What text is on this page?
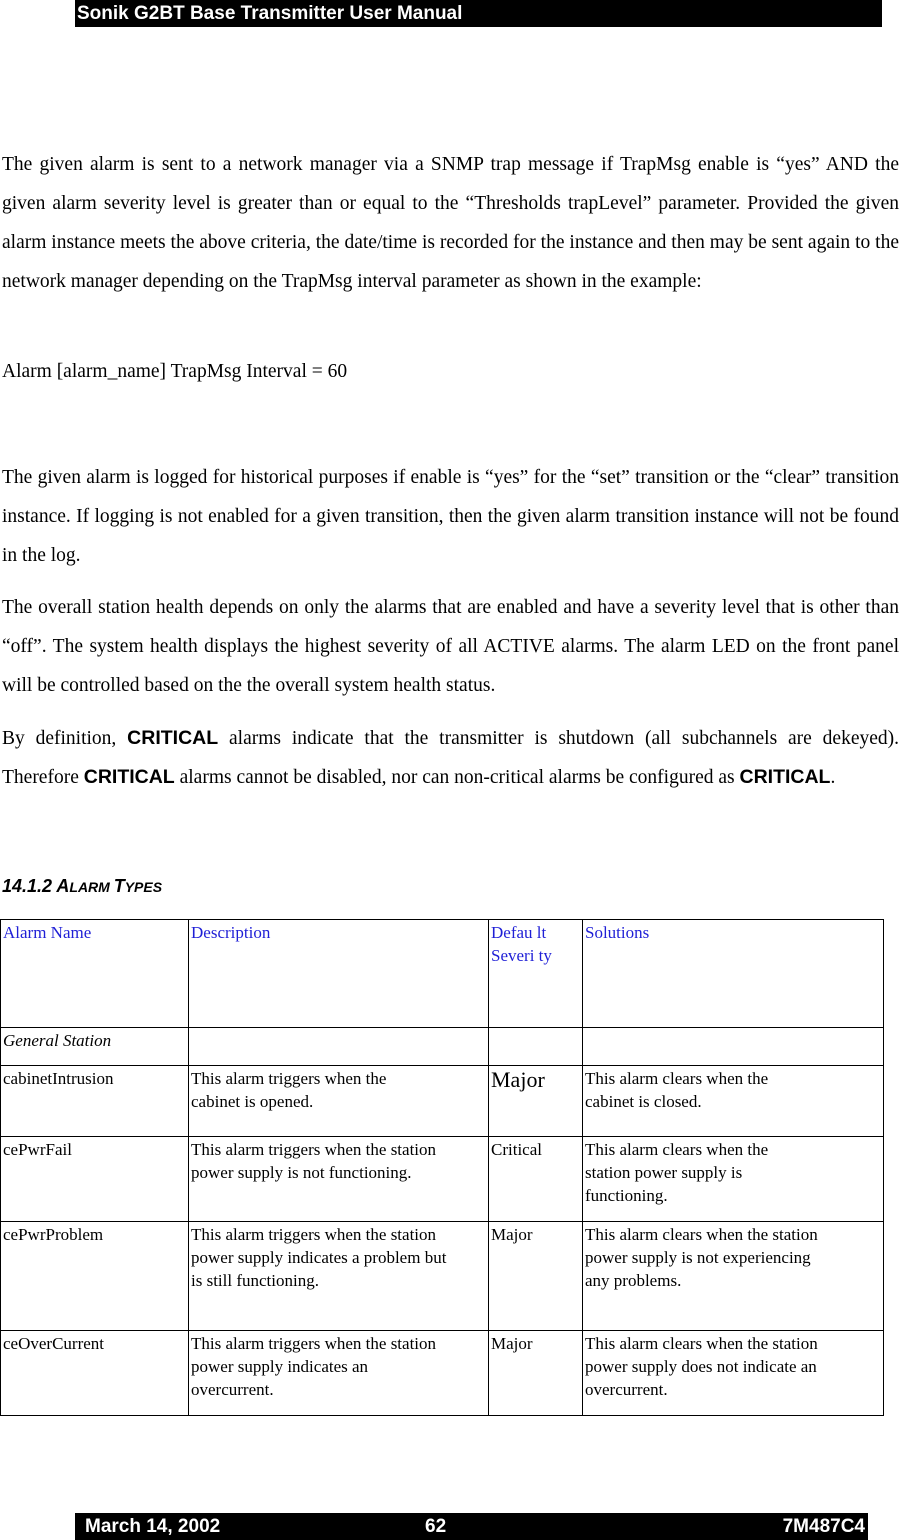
Sonik G2BT Base Transmitter User Manual

The given alarm is sent to a network manager via a SNMP trap message if TrapMsg enable is “yes” AND the given alarm severity level is greater than or equal to the “Thresholds trapLevel” parameter. Provided the given alarm instance meets the above criteria, the date/time is recorded for the instance and then may be sent again to the network manager depending on the TrapMsg interval parameter as shown in the example:

Alarm [alarm_name] TrapMsg Interval = 60

The given alarm is logged for historical purposes if enable is “yes” for the “set” transition or the “clear” transition instance. If logging is not enabled for a given transition, then the given alarm transition instance will not be found in the log.

The overall station health depends on only the alarms that are enabled and have a severity level that is other than “off”. The system health displays the highest severity of all ACTIVE alarms. The alarm LED on the front panel will be controlled based on the the overall system health status.

By definition, CRITICAL alarms indicate that the transmitter is shutdown (all subchannels are dekeyed). Therefore CRITICAL alarms cannot be disabled, nor can non-critical alarms be configured as CRITICAL.

14.1.2 ALARM TYPES
Alarm Name	Description	Defau lt Severi ty	Solutions
General Station			
cabinetIntrusion	This alarm triggers when the cabinet is opened.	Major	This alarm clears when the cabinet is closed.
cePwrFail	This alarm triggers when the station power supply is not functioning.	Critical	This alarm clears when the station power supply is functioning.
cePwrProblem	This alarm triggers when the station power supply indicates a problem but is still functioning.	Major	This alarm clears when the station power supply is not experiencing any problems.
ceOverCurrent	This alarm triggers when the station power supply indicates an overcurrent.	Major	This alarm clears when the station power supply does not indicate an overcurrent.
March 14, 2002	62	7M487C4
